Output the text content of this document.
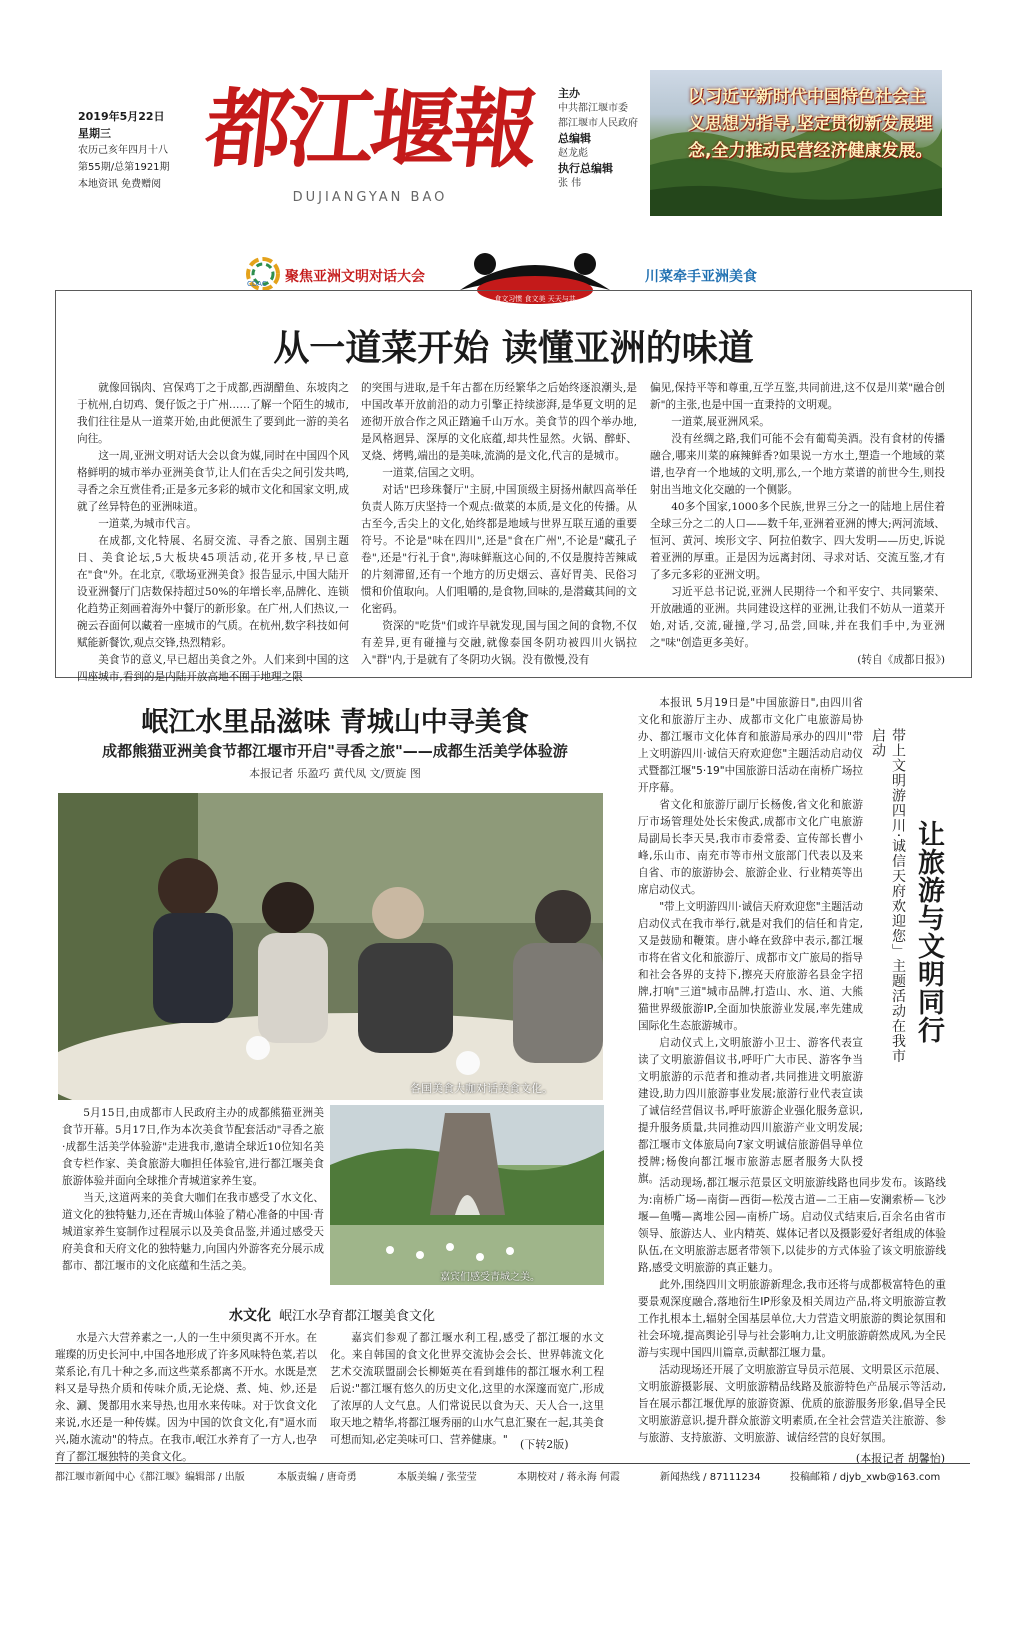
2019年5月22日
星期三
农历己亥年四月十八
第55期/总第1921期
本地资讯 免费赠阅
都江堰報
DUJIANGYAN BAO
主办
中共都江堰市委
都江堰市人民政府
总编辑
赵龙彪
执行总编辑
张 伟
以习近平新时代中国特色社会主义思想为指导,坚定贯彻新发展理念,全力推动民营经济健康发展。
CDAC 聚焦亚洲文明对话大会
食文习惯 食文美 天天与共
川菜牵手亚洲美食
从一道菜开始 读懂亚洲的味道

就像回锅肉、宫保鸡丁之于成都,西湖醋鱼、东坡肉之于杭州,白切鸡、煲仔饭之于广州……了解一个陌生的城市,我们往往是从一道菜开始,由此便派生了要到此一游的美名向往。

这一周,亚洲文明对话大会以食为媒,同时在中国四个风格鲜明的城市举办亚洲美食节,让人们在舌尖之间引发共鸣,寻香之余互赏佳肴;正是多元多彩的城市文化和国家文明,成就了丝异特色的亚洲味道。

一道菜,为城市代言。

在成都,文化特展、名厨交流、寻香之旅、国别主题日、美食论坛,5大板块45项活动,花开多枝,早已意在"食"外。在北京,《歌场亚洲美食》报告显示,中国大陆开设亚洲餐厅门店数保持超过50%的年增长率,品牌化、连锁化趋势正刻画着海外中餐厅的新形象。在广州,人们热议,一碗云吞面何以藏着一座城市的气质。在杭州,数字科技如何赋能新餐饮,观点交锋,热烈精彩。

美食节的意义,早已超出美食之外。人们来到中国的这四座城市,看到的是内陆开放高地不囿于地理之限

的突围与进取,是千年古都在历经繁华之后始终逐浪潮头,是中国改革开放前沿的动力引擎正持续澎湃,是华夏文明的足迹彻开放合作之风正踏遍千山万水。美食节的四个举办地,是风格迥异、深厚的文化底蕴,却共性显然。火锅、醉虾、叉烧、烤鸭,端出的是美味,流淌的是文化,代言的是城市。

一道菜,信国之文明。

对话"巴珍珠餐厅"主厨,中国顶级主厨扬州献四高举任负责人陈万庆坚持一个观点:做菜的本质,是文化的传播。从古至今,舌尖上的文化,始终都是地域与世界互联互通的重要符号。不论是"味在四川",还是"食在广州",不论是"藏孔子卷",还是"行礼于食",海味鲜瓶这心间的,不仅是腹持苦辣咸的片刻滞留,还有一个地方的历史烟云、喜好胃美、民俗习惯和价值取向。人们咀嚼的,是食物,回味的,是潜藏其间的文化密码。

资深的"吃货"们或许早就发现,国与国之间的食物,不仅有差异,更有碰撞与交融,就像泰国冬阴功被四川火锅拉入"群"内,于是就有了冬阴功火锅。没有傲慢,没有

偏见,保持平等和尊重,互学互鉴,共同前进,这不仅是川菜"融合创新"的主张,也是中国一直秉持的文明观。

一道菜,展亚洲风采。

没有丝绸之路,我们可能不会有葡萄美酒。没有食材的传播融合,哪来川菜的麻辣鲜香?如果说一方水土,塑造一个地域的菜谱,也孕育一个地域的文明,那么,一个地方菜谱的前世今生,则投射出当地文化交融的一个侧影。

40多个国家,1000多个民族,世界三分之一的陆地上居住着全球三分之二的人口——数千年,亚洲着亚洲的博大;两河流域、恒河、黄河、埃形文字、阿拉伯数字、四大发明——历史,诉说着亚洲的厚重。正是因为远离封闭、寻求对话、交流互鉴,才有了多元多彩的亚洲文明。

习近平总书记说,亚洲人民期待一个和平安宁、共同繁荣、开放融通的亚洲。共同建设这样的亚洲,让我们不妨从一道菜开始,对话,交流,碰撞,学习,品尝,回味,并在我们手中,为亚洲之"味"创造更多美好。

(转自《成都日报》)

岷江水里品滋味 青城山中寻美食
成都熊猫亚洲美食节都江堰市开启"寻香之旅"——成都生活美学体验游
本报记者 乐盈巧 黄代凤 文/贾旋 图
各国美食大咖对话美食文化。

5月15日,由成都市人民政府主办的成都熊猫亚洲美食节开幕。5月17日,作为本次美食节配套活动"寻香之旅·成都生活美学体验游"走进我市,邀请全球近10位知名美食专栏作家、美食旅游大咖担任体验官,进行都江堰美食旅游体验并面向全球推介青城道家养生宴。

当天,这道两来的美食大咖们在我市感受了水文化、道文化的独特魅力,还在青城山体验了精心准备的中国·青城道家养生宴制作过程展示以及美食品鉴,并通过感受天府美食和天府文化的独特魅力,向国内外游客充分展示成都市、都江堰市的文化底蕴和生活之美。

嘉宾们感受青城之美。
水文化 岷江水孕育都江堰美食文化

水是六大营养素之一,人的一生中须臾离不开水。在璀璨的历史长河中,中国各地形成了许多风味特色菜,若以菜系论,有几十种之多,而这些菜系都离不开水。水既是烹料又是导热介质和传味介质,无论烧、煮、炖、炒,还是汆、涮、煲都用水来导热,也用水来传味。对于饮食文化来说,水还是一种传媒。因为中国的饮食文化,有"逼水而兴,随水流动"的特点。在我市,岷江水养育了一方人,也孕育了都江堰独特的美食文化。

嘉宾们参观了都江堰水利工程,感受了都江堰的水文化。来自韩国的食文化世界交流协会会长、世界韩流文化艺术交流联盟副会长柳姬英在看到雄伟的都江堰水利工程后说:"都江堰有悠久的历史文化,这里的水深邃而宽广,形成了浓厚的人文气息。人们常说民以食为天、天人合一,这里取天地之精华,将都江堰秀丽的山水气息汇聚在一起,其美食可想而知,必定美味可口、营养健康。"	(下转2版)

本报讯 5月19日是"中国旅游日",由四川省文化和旅游厅主办、成都市文化广电旅游局协办、都江堰市文化体育和旅游局承办的四川"带上文明游四川·诚信天府欢迎您"主题活动启动仪式暨都江堰"5·19"中国旅游日活动在南桥广场拉开序幕。

省文化和旅游厅副厅长杨俊,省文化和旅游厅市场管理处处长宋俊武,成都市文化广电旅游局副局长李天昊,我市市委常委、宣传部长曹小峰,乐山市、南充市等市州文旅部门代表以及来自省、市的旅游协会、旅游企业、行业精英等出席启动仪式。

"带上文明游四川·诚信天府欢迎您"主题活动启动仪式在我市举行,就是对我们的信任和肯定,又是鼓励和鞭策。唐小峰在致辞中表示,都江堰市将在省文化和旅游厅、成都市文广旅局的指导和社会各界的支持下,擦亮天府旅游名县金字招牌,打响"三道"城市品牌,打造山、水、道、大熊猫世界级旅游IP,全面加快旅游业发展,率先建成国际化生态旅游城市。

启动仪式上,文明旅游小卫士、游客代表宣读了文明旅游倡议书,呼吁广大市民、游客争当文明旅游的示范者和推动者,共同推进文明旅游建设,助力四川旅游事业发展;旅游行业代表宣读了诚信经营倡议书,呼吁旅游企业强化服务意识,提升服务质量,共同推动四川旅游产业文明发展;都江堰市文体旅局向7家文明诚信旅游倡导单位授牌;杨俊向都江堰市旅游志愿者服务大队授旗。

让旅游与文明同行
带上文明游四川·诚信天府欢迎您」主题活动在我市启动

活动现场,都江堰示范景区文明旅游线路也同步发布。该路线为:南桥广场—南街—西街—松茂古道—二王庙—安澜索桥—飞沙堰—鱼嘴—离堆公园—南桥广场。启动仪式结束后,百余名由省市领导、旅游达人、业内精英、媒体记者以及摄影爱好者组成的体验队伍,在文明旅游志愿者带领下,以徒步的方式体验了该文明旅游线路,感受文明旅游的真正魅力。

此外,围绕四川文明旅游新理念,我市还将与成都极富特色的重要景观深度融合,落地衍生IP形象及相关周边产品,将文明旅游宣教工作扎根本土,辐射全国基层单位,大力营造文明旅游的舆论氛围和社会环境,提高舆论引导与社会影响力,让文明旅游蔚然成风,为全民游与实现中国四川篇章,贡献都江堰力量。

活动现场还开展了文明旅游宣导员示范展、文明景区示范展、文明旅游摄影展、文明旅游精品线路及旅游特色产品展示等活动,旨在展示都江堰优厚的旅游资源、优质的旅游服务形象,倡导全民文明旅游意识,提升群众旅游文明素质,在全社会营造关注旅游、参与旅游、支持旅游、文明旅游、诚信经营的良好氛围。

(本报记者 胡馨怡)
都江堰市新闻中心《都江堰》编辑部 / 出版	本版责编 / 唐奇勇	本版美编 / 张莹莹	本期校对 / 蒋永海 何霞	新闻热线 / 87111234	投稿邮箱 / djyb_xwb@163.com
